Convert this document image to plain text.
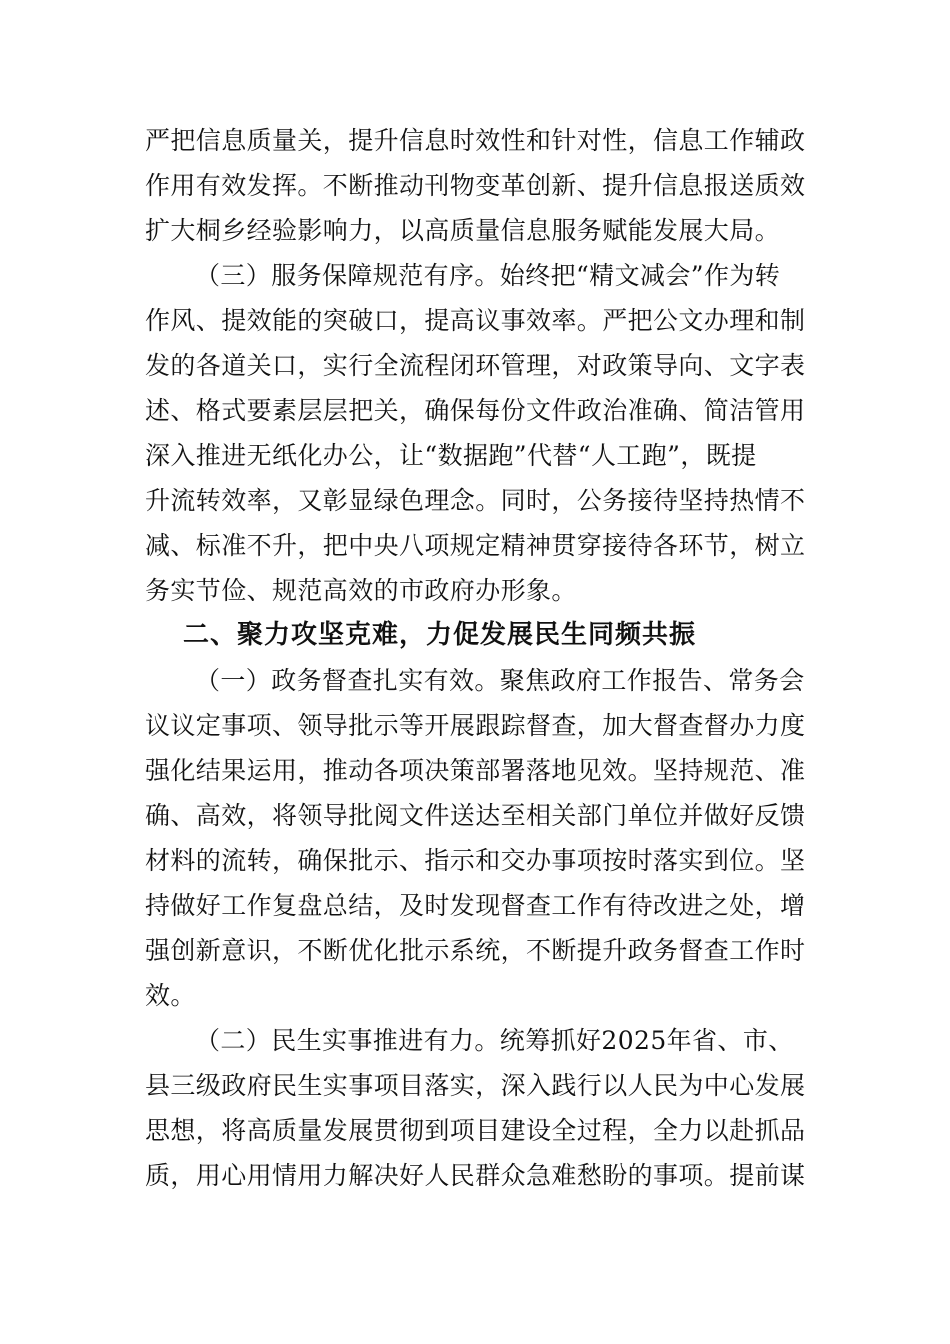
严把信息质量关，提升信息时效性和针对性，信息工作辅政
作用有效发挥。不断推动刊物变革创新、提升信息报送质效
扩大桐乡经验影响力，以高质量信息服务赋能发展大局。
（三）服务保障规范有序。始终把“精文减会”作为转
作风、提效能的突破口，提高议事效率。严把公文办理和制
发的各道关口，实行全流程闭环管理，对政策导向、文字表
述、格式要素层层把关，确保每份文件政治准确、简洁管用
深入推进无纸化办公，让“数据跑”代替“人工跑”，既提
升流转效率，又彰显绿色理念。同时，公务接待坚持热情不
减、标准不升，把中央八项规定精神贯穿接待各环节，树立
务实节俭、规范高效的市政府办形象。
二、聚力攻坚克难，力促发展民生同频共振
（一）政务督查扎实有效。聚焦政府工作报告、常务会
议议定事项、领导批示等开展跟踪督查，加大督查督办力度
强化结果运用，推动各项决策部署落地见效。坚持规范、准
确、高效，将领导批阅文件送达至相关部门单位并做好反馈
材料的流转，确保批示、指示和交办事项按时落实到位。坚
持做好工作复盘总结，及时发现督查工作有待改进之处，增
强创新意识，不断优化批示系统，不断提升政务督查工作时
效。
（二）民生实事推进有力。统筹抓好2025年省、市、
县三级政府民生实事项目落实，深入践行以人民为中心发展
思想，将高质量发展贯彻到项目建设全过程，全力以赴抓品
质，用心用情用力解决好人民群众急难愁盼的事项。提前谋
